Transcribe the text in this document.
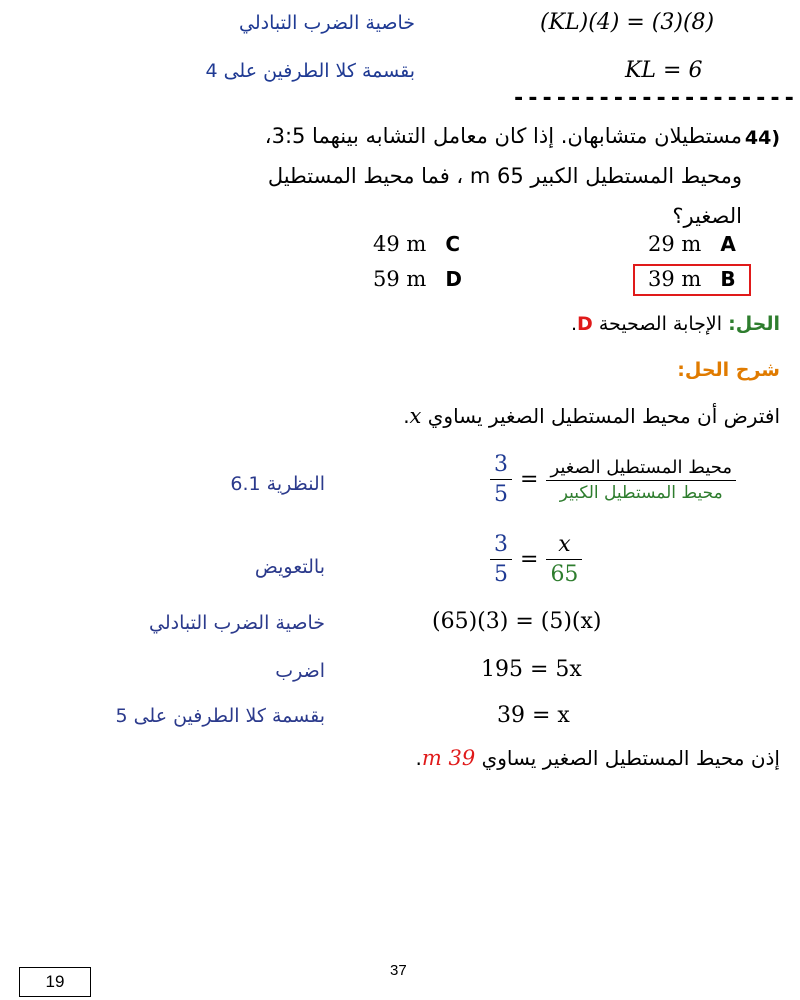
خاصية الضرب التبادلي	(KL)(4) = (3)(8)
بقسمة كلا الطرفين على 4	KL = 6
--------------------
44)
مستطيلان متشابهان. إذا كان معامل التشابه بينهما 3:5،
ومحيط المستطيل الكبير 65 m ، فما محيط المستطيل
الصغير؟
29 m A
49 m C
39 m B
59 m D
الحل: الإجابة الصحيحة D.
شرح الحل:
افترض أن محيط المستطيل الصغير يساوي x.
النظرية 6.1	$\frac{3}{5} = \frac{\text{محيط المستطيل الصغير}}{\text{محيط المستطيل الكبير}}$
بالتعويض	$\frac{3}{5} = \frac{x}{65}$
خاصية الضرب التبادلي	(65)(3) = (5)(x)
اضرب	195 = 5x
بقسمة كلا الطرفين على 5	39 = x
إذن محيط المستطيل الصغير يساوي 39 m.
37
19
